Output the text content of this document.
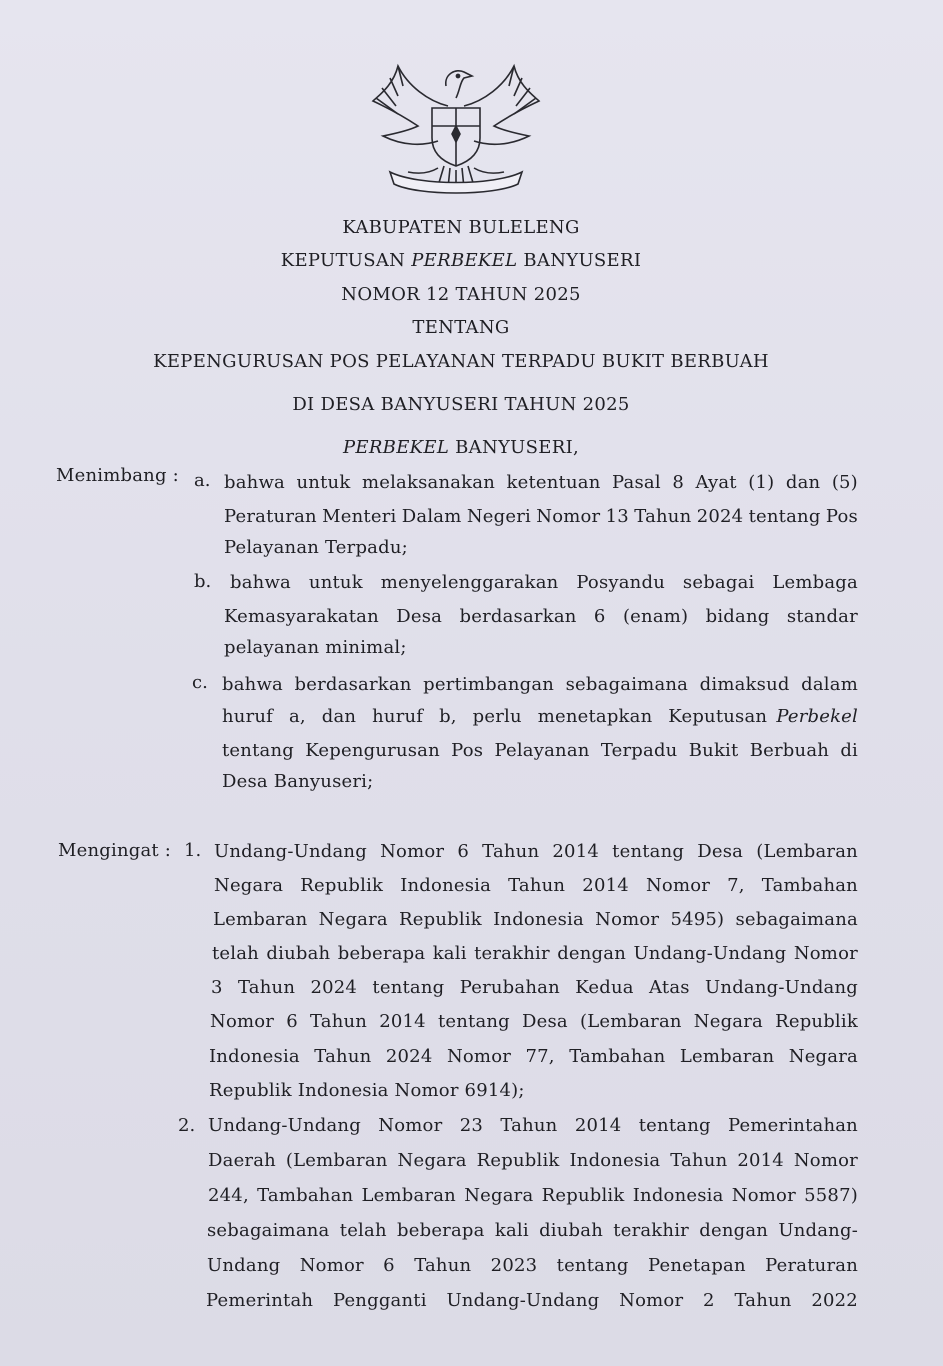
KABUPATEN BULELENG
KEPUTUSAN PERBEKEL BANYUSERI
NOMOR 12 TAHUN 2025
TENTANG
KEPENGURUSAN POS PELAYANAN TERPADU BUKIT BERBUAH
DI DESA BANYUSERI TAHUN 2025
PERBEKEL BANYUSERI,
Menimbang : a. bahwa untuk melaksanakan ketentuan Pasal 8 Ayat (1) dan (5)
Peraturan Menteri Dalam Negeri Nomor 13 Tahun 2024 tentang Pos
Pelayanan Terpadu;
b. bahwa untuk menyelenggarakan Posyandu sebagai Lembaga
Kemasyarakatan Desa berdasarkan 6 (enam) bidang standar
pelayanan minimal;
c. bahwa berdasarkan pertimbangan sebagaimana dimaksud dalam
huruf a, dan huruf b, perlu menetapkan Keputusan Perbekel
tentang Kepengurusan Pos Pelayanan Terpadu Bukit Berbuah di
Desa Banyuseri;
Mengingat : 1. Undang-Undang Nomor 6 Tahun 2014 tentang Desa (Lembaran
Negara Republik Indonesia Tahun 2014 Nomor 7, Tambahan
Lembaran Negara Republik Indonesia Nomor 5495) sebagaimana
telah diubah beberapa kali terakhir dengan Undang-Undang Nomor
3 Tahun 2024 tentang Perubahan Kedua Atas Undang-Undang
Nomor 6 Tahun 2014 tentang Desa (Lembaran Negara Republik
Indonesia Tahun 2024 Nomor 77, Tambahan Lembaran Negara
Republik Indonesia Nomor 6914);
2. Undang-Undang Nomor 23 Tahun 2014 tentang Pemerintahan
Daerah (Lembaran Negara Republik Indonesia Tahun 2014 Nomor
244, Tambahan Lembaran Negara Republik Indonesia Nomor 5587)
sebagaimana telah beberapa kali diubah terakhir dengan Undang-
Undang Nomor 6 Tahun 2023 tentang Penetapan Peraturan
Pemerintah Pengganti Undang-Undang Nomor 2 Tahun 2022
